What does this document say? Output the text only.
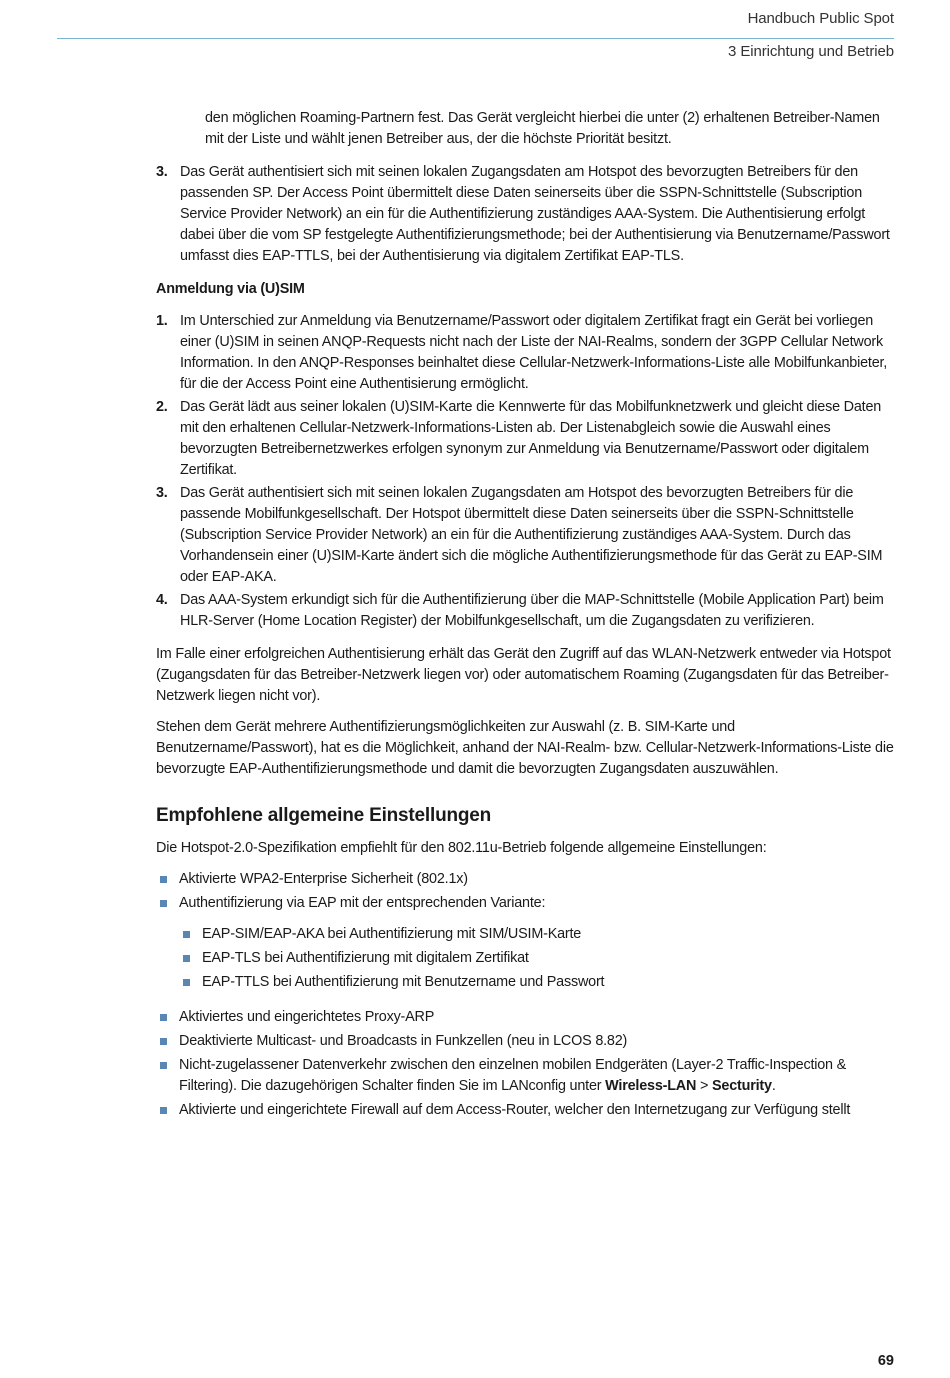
Handbuch Public Spot
3 Einrichtung und Betrieb

den möglichen Roaming-Partnern fest. Das Gerät vergleicht hierbei die unter (2) erhaltenen Betreiber-Namen mit der Liste und wählt jenen Betreiber aus, der die höchste Priorität besitzt.

3. Das Gerät authentisiert sich mit seinen lokalen Zugangsdaten am Hotspot des bevorzugten Betreibers für den passenden SP. Der Access Point übermittelt diese Daten seinerseits über die SSPN-Schnittstelle (Subscription Service Provider Network) an ein für die Authentifizierung zuständiges AAA-System. Die Authentisierung erfolgt dabei über die vom SP festgelegte Authentifizierungsmethode; bei der Authentisierung via Benutzername/Passwort umfasst dies EAP-TTLS, bei der Authentisierung via digitalem Zertifikat EAP-TLS.
Anmeldung via (U)SIM
1. Im Unterschied zur Anmeldung via Benutzername/Passwort oder digitalem Zertifikat fragt ein Gerät bei vorliegen einer (U)SIM in seinen ANQP-Requests nicht nach der Liste der NAI-Realms, sondern der 3GPP Cellular Network Information. In den ANQP-Responses beinhaltet diese Cellular-Netzwerk-Informations-Liste alle Mobilfunkanbieter, für die der Access Point eine Authentisierung ermöglicht.
2. Das Gerät lädt aus seiner lokalen (U)SIM-Karte die Kennwerte für das Mobilfunknetzwerk und gleicht diese Daten mit den erhaltenen Cellular-Netzwerk-Informations-Listen ab. Der Listenabgleich sowie die Auswahl eines bevorzugten Betreibernetzwerkes erfolgen synonym zur Anmeldung via Benutzername/Passwort oder digitalem Zertifikat.
3. Das Gerät authentisiert sich mit seinen lokalen Zugangsdaten am Hotspot des bevorzugten Betreibers für die passende Mobilfunkgesellschaft. Der Hotspot übermittelt diese Daten seinerseits über die SSPN-Schnittstelle (Subscription Service Provider Network) an ein für die Authentifizierung zuständiges AAA-System. Durch das Vorhandensein einer (U)SIM-Karte ändert sich die mögliche Authentifizierungsmethode für das Gerät zu EAP-SIM oder EAP-AKA.
4. Das AAA-System erkundigt sich für die Authentifizierung über die MAP-Schnittstelle (Mobile Application Part) beim HLR-Server (Home Location Register) der Mobilfunkgesellschaft, um die Zugangsdaten zu verifizieren.

Im Falle einer erfolgreichen Authentisierung erhält das Gerät den Zugriff auf das WLAN-Netzwerk entweder via Hotspot (Zugangsdaten für das Betreiber-Netzwerk liegen vor) oder automatischem Roaming (Zugangsdaten für das Betreiber-Netzwerk liegen nicht vor).

Stehen dem Gerät mehrere Authentifizierungsmöglichkeiten zur Auswahl (z. B. SIM-Karte und Benutzername/Passwort), hat es die Möglichkeit, anhand der NAI-Realm- bzw. Cellular-Netzwerk-Informations-Liste die bevorzugte EAP-Authentifizierungsmethode und damit die bevorzugten Zugangsdaten auszuwählen.

Empfohlene allgemeine Einstellungen

Die Hotspot-2.0-Spezifikation empfiehlt für den 802.11u-Betrieb folgende allgemeine Einstellungen:

Aktivierte WPA2-Enterprise Sicherheit (802.1x)
Authentifizierung via EAP mit der entsprechenden Variante:
EAP-SIM/EAP-AKA bei Authentifizierung mit SIM/USIM-Karte
EAP-TLS bei Authentifizierung mit digitalem Zertifikat
EAP-TTLS bei Authentifizierung mit Benutzername und Passwort
Aktiviertes und eingerichtetes Proxy-ARP
Deaktivierte Multicast- und Broadcasts in Funkzellen (neu in LCOS 8.82)
Nicht-zugelassener Datenverkehr zwischen den einzelnen mobilen Endgeräten (Layer-2 Traffic-Inspection & Filtering). Die dazugehörigen Schalter finden Sie im LANconfig unter Wireless-LAN > Secturity.
Aktivierte und eingerichtete Firewall auf dem Access-Router, welcher den Internetzugang zur Verfügung stellt
69
